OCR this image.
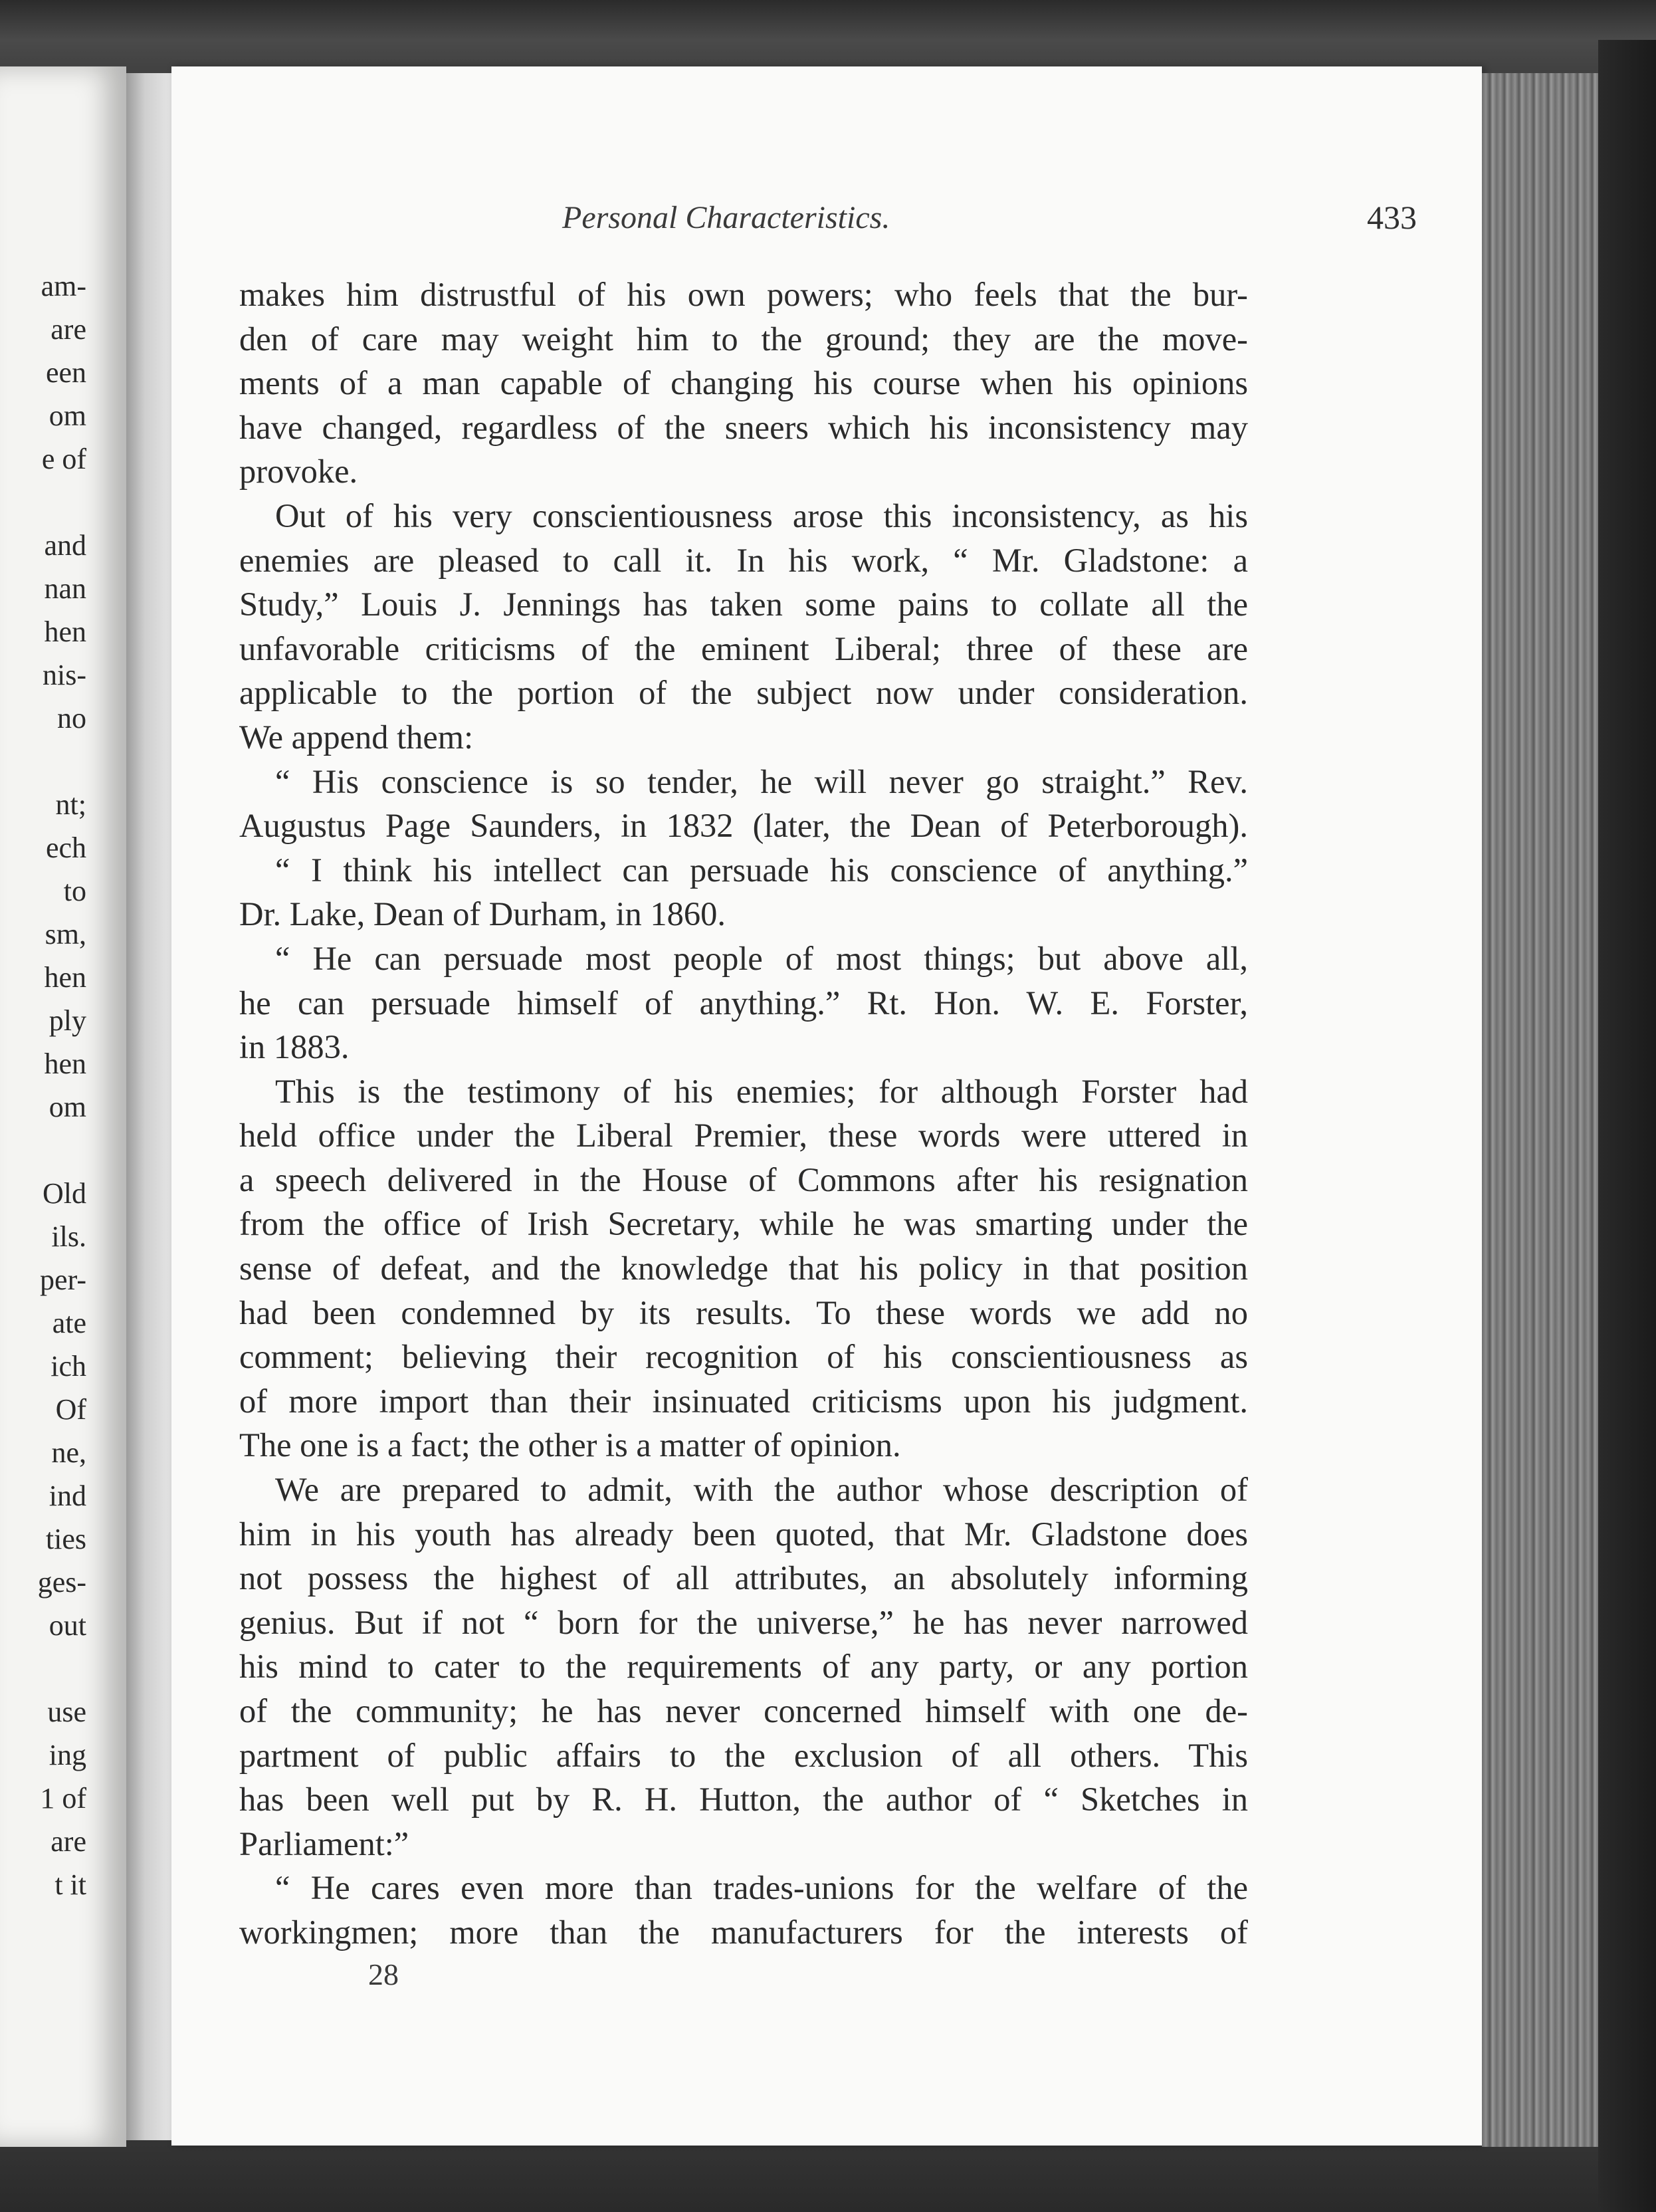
am-
are
een
om
e of
and
nan
hen
nis-
no
nt;
ech
to
sm,
hen
ply
hen
om
Old
ils.
per-
ate
ich
Of
ne,
ind
ties
ges-
out
use
ing
1 of
are
t it
Personal Characteristics.	433
makes him distrustful of his own powers; who feels that the bur-
den of care may weight him to the ground; they are the move-
ments of a man capable of changing his course when his opinions
have changed, regardless of the sneers which his inconsistency may
provoke.
Out of his very conscientiousness arose this inconsistency, as his
enemies are pleased to call it. In his work, “ Mr. Gladstone: a
Study,” Louis J. Jennings has taken some pains to collate all the
unfavorable criticisms of the eminent Liberal; three of these are
applicable to the portion of the subject now under consideration.
We append them:
“ His conscience is so tender, he will never go straight.” Rev.
Augustus Page Saunders, in 1832 (later, the Dean of Peterborough).
“ I think his intellect can persuade his conscience of anything.”
Dr. Lake, Dean of Durham, in 1860.
“ He can persuade most people of most things; but above all,
he can persuade himself of anything.” Rt. Hon. W. E. Forster,
in 1883.
This is the testimony of his enemies; for although Forster had
held office under the Liberal Premier, these words were uttered in
a speech delivered in the House of Commons after his resignation
from the office of Irish Secretary, while he was smarting under the
sense of defeat, and the knowledge that his policy in that position
had been condemned by its results. To these words we add no
comment; believing their recognition of his conscientiousness as
of more import than their insinuated criticisms upon his judgment.
The one is a fact; the other is a matter of opinion.
We are prepared to admit, with the author whose description of
him in his youth has already been quoted, that Mr. Gladstone does
not possess the highest of all attributes, an absolutely informing
genius. But if not “ born for the universe,” he has never narrowed
his mind to cater to the requirements of any party, or any portion
of the community; he has never concerned himself with one de-
partment of public affairs to the exclusion of all others. This
has been well put by R. H. Hutton, the author of “ Sketches in
Parliament:”
“ He cares even more than trades-unions for the welfare of the
workingmen; more than the manufacturers for the interests of
28
